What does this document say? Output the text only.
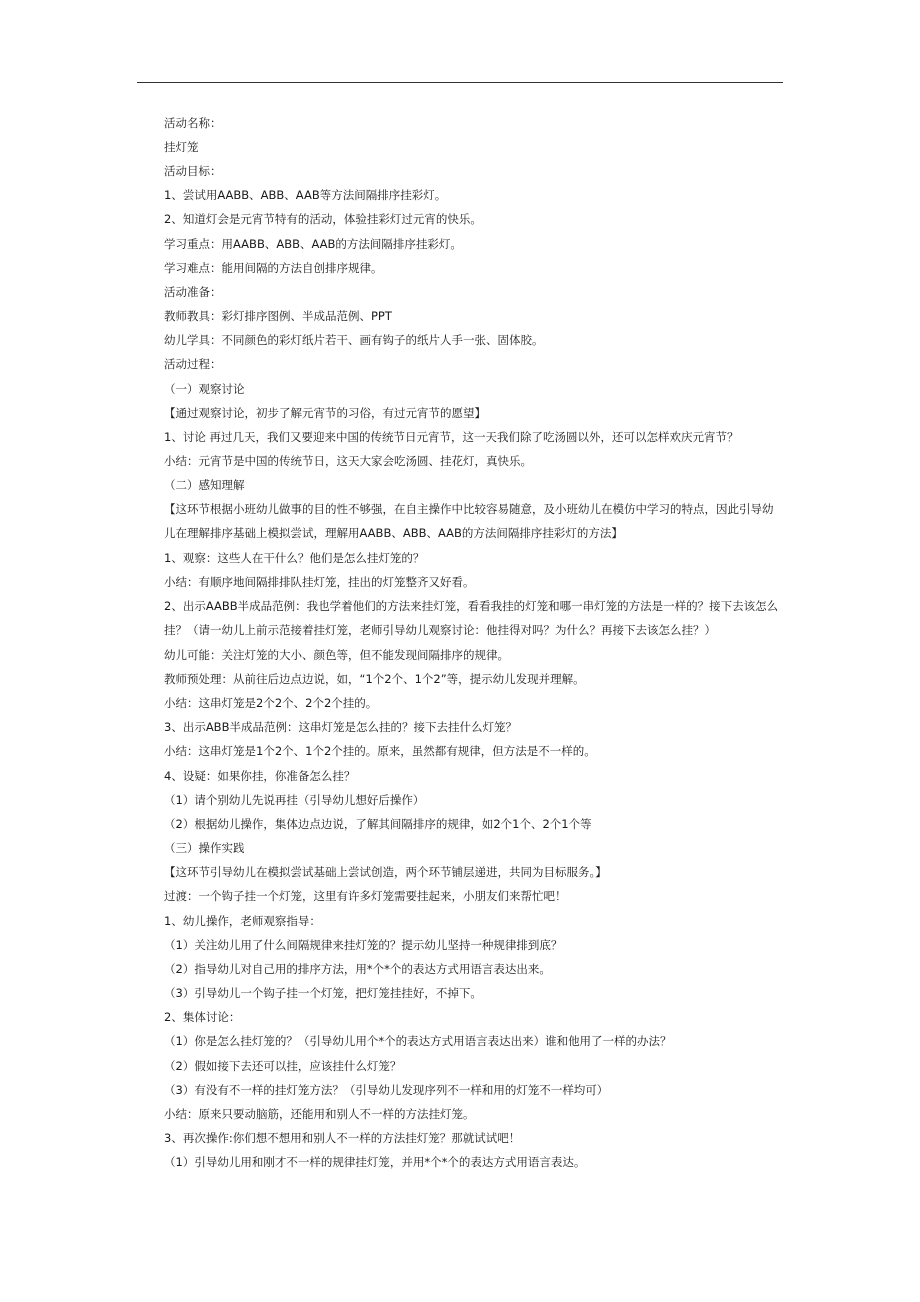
活动名称：
挂灯笼
活动目标：
1、尝试用AABB、ABB、AAB等方法间隔排序挂彩灯。
2、知道灯会是元宵节特有的活动，体验挂彩灯过元宵的快乐。
学习重点：用AABB、ABB、AAB的方法间隔排序挂彩灯。
学习难点：能用间隔的方法自创排序规律。
活动准备：
教师教具：彩灯排序图例、半成品范例、PPT
幼儿学具：不同颜色的彩灯纸片若干、画有钩子的纸片人手一张、固体胶。
活动过程：
（一）观察讨论
【通过观察讨论，初步了解元宵节的习俗，有过元宵节的愿望】
1、讨论 再过几天，我们又要迎来中国的传统节日元宵节，这一天我们除了吃汤圆以外，还可以怎样欢庆元宵节？
小结：元宵节是中国的传统节日，这天大家会吃汤圆、挂花灯，真快乐。
（二）感知理解
【这环节根据小班幼儿做事的目的性不够强，在自主操作中比较容易随意，及小班幼儿在模仿中学习的特点，因此引导幼儿在理解排序基础上模拟尝试，理解用AABB、ABB、AAB的方法间隔排序挂彩灯的方法】
1、观察：这些人在干什么？他们是怎么挂灯笼的？
小结：有顺序地间隔排排队挂灯笼，挂出的灯笼整齐又好看。
2、出示AABB半成品范例：我也学着他们的方法来挂灯笼，看看我挂的灯笼和哪一串灯笼的方法是一样的？接下去该怎么挂？（请一幼儿上前示范接着挂灯笼，老师引导幼儿观察讨论：他挂得对吗？为什么？再接下去该怎么挂？）
幼儿可能：关注灯笼的大小、颜色等，但不能发现间隔排序的规律。
教师预处理：从前往后边点边说，如，“1个2个、1个2”等，提示幼儿发现并理解。
小结：这串灯笼是2个2个、2个2个挂的。
3、出示ABB半成品范例：这串灯笼是怎么挂的？接下去挂什么灯笼？
小结：这串灯笼是1个2个、1个2个挂的。原来，虽然都有规律，但方法是不一样的。
4、设疑：如果你挂，你准备怎么挂？
（1）请个别幼儿先说再挂（引导幼儿想好后操作）
（2）根据幼儿操作，集体边点边说，了解其间隔排序的规律，如2个1个、2个1个等
（三）操作实践
【这环节引导幼儿在模拟尝试基础上尝试创造，两个环节铺层递进，共同为目标服务。】
过渡：一个钩子挂一个灯笼，这里有许多灯笼需要挂起来，小朋友们来帮忙吧！
1、幼儿操作，老师观察指导：
（1）关注幼儿用了什么间隔规律来挂灯笼的？提示幼儿坚持一种规律排到底？
（2）指导幼儿对自己用的排序方法，用*个*个的表达方式用语言表达出来。
（3）引导幼儿一个钩子挂一个灯笼，把灯笼挂挂好，不掉下。
2、集体讨论：
（1）你是怎么挂灯笼的？（引导幼儿用个*个的表达方式用语言表达出来）谁和他用了一样的办法？
（2）假如接下去还可以挂，应该挂什么灯笼？
（3）有没有不一样的挂灯笼方法？（引导幼儿发现序列不一样和用的灯笼不一样均可）
小结：原来只要动脑筋，还能用和别人不一样的方法挂灯笼。
3、再次操作:你们想不想用和别人不一样的方法挂灯笼？那就试试吧！
（1）引导幼儿用和刚才不一样的规律挂灯笼，并用*个*个的表达方式用语言表达。
